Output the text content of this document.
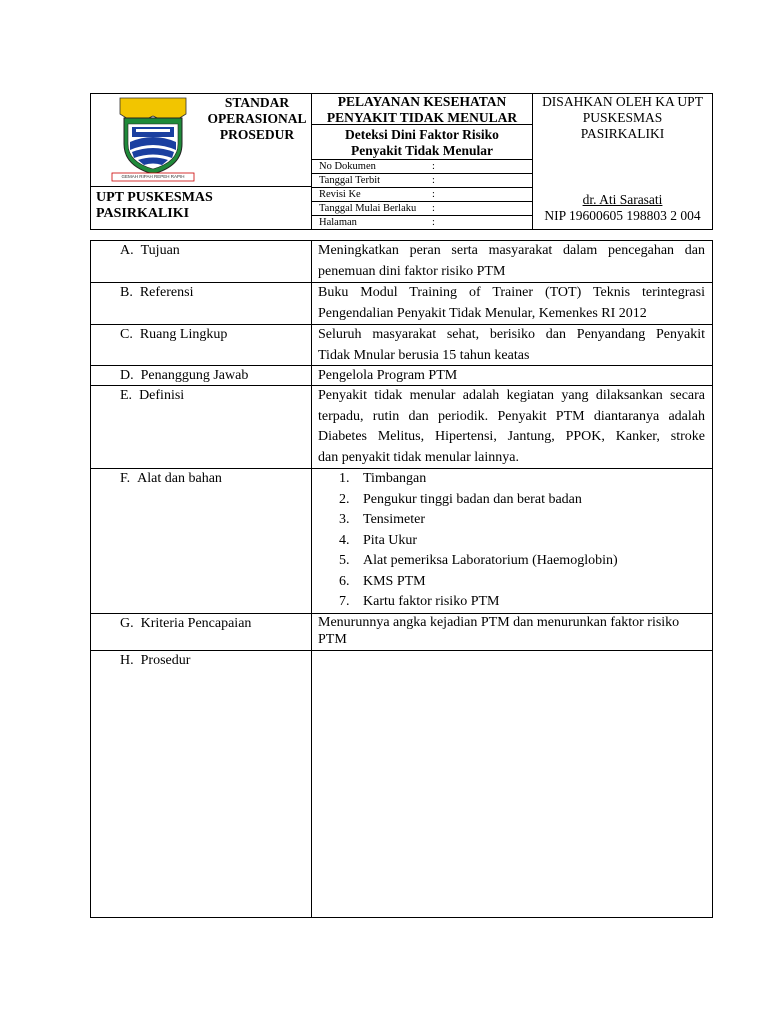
GEMAH RIPAH REPEH RAPIH
UPT PUSKESMAS
PASIRKALIKI
STANDAR
OPERASIONAL
PROSEDUR
PELAYANAN KESEHATAN
PENYAKIT TIDAK MENULAR
Deteksi Dini Faktor Risiko
Penyakit Tidak Menular
No Dokumen	:
Tanggal Terbit	:
Revisi Ke	:
Tanggal Mulai Berlaku :
Halaman	:
DISAHKAN OLEH KA UPT
PUSKESMAS
PASIRKALIKI
dr. Ati Sarasati
NIP 19600605 198803 2 004
A. Tujuan	Meningkatkan peran serta masyarakat dalam pencegahan dan
penemuan dini faktor risiko PTM
B. Referensi	Buku Modul Training of Trainer (TOT) Teknis terintegrasi
Pengendalian Penyakit Tidak Menular, Kemenkes RI 2012
C. Ruang Lingkup	Seluruh masyarakat sehat, berisiko dan Penyandang Penyakit
Tidak Mnular berusia 15 tahun keatas
D. Penanggung Jawab	Pengelola Program PTM
E. Definisi	Penyakit tidak menular adalah kegiatan yang dilaksankan secara
terpadu, rutin dan periodik. Penyakit PTM diantaranya adalah
Diabetes Melitus, Hipertensi, Jantung, PPOK, Kanker, stroke
dan penyakit tidak menular lainnya.
F. Alat dan bahan	1. Timbangan
2. Pengukur tinggi badan dan berat badan
3. Tensimeter
4. Pita Ukur
5. Alat pemeriksa Laboratorium (Haemoglobin)
6. KMS PTM
7. Kartu faktor risiko PTM
G. Kriteria Pencapaian	Menurunnya angka kejadian PTM dan menurunkan faktor risiko
PTM
H. Prosedur
